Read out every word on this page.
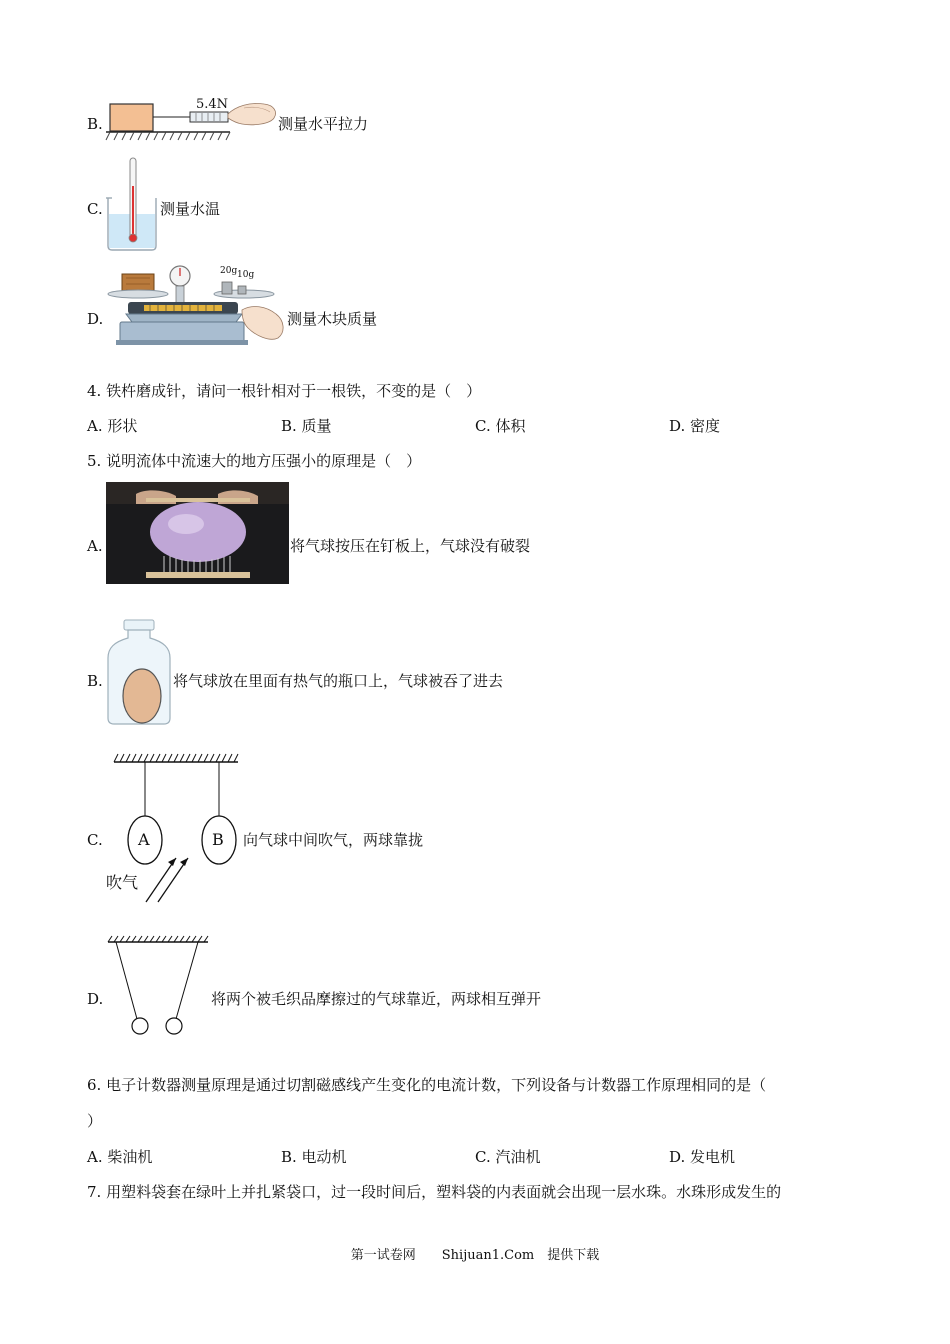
B.
5.4N
测量水平拉力
C.	测量水温
D.
20g 10g
测量木块质量
4. 铁杵磨成针，请问一根针相对于一根铁，不变的是（　）
A. 形状	B. 质量	C. 体积	D. 密度
5. 说明流体中流速大的地方压强小的原理是（　）
A.	将气球按压在钉板上，气球没有破裂
B.	将气球放在里面有热气的瓶口上，气球被吞了进去
C. A	B
吹气
向气球中间吹气，两球靠拢
D.	将两个被毛织品摩擦过的气球靠近，两球相互弹开
6. 电子计数器测量原理是通过切割磁感线产生变化的电流计数，下列设备与计数器工作原理相同的是（
）
A. 柴油机	B. 电动机	C. 汽油机	D. 发电机
7. 用塑料袋套在绿叶上并扎紧袋口，过一段时间后，塑料袋的内表面就会出现一层水珠。水珠形成发生的
第一试卷网　　Shijuan1.Com　提供下载
